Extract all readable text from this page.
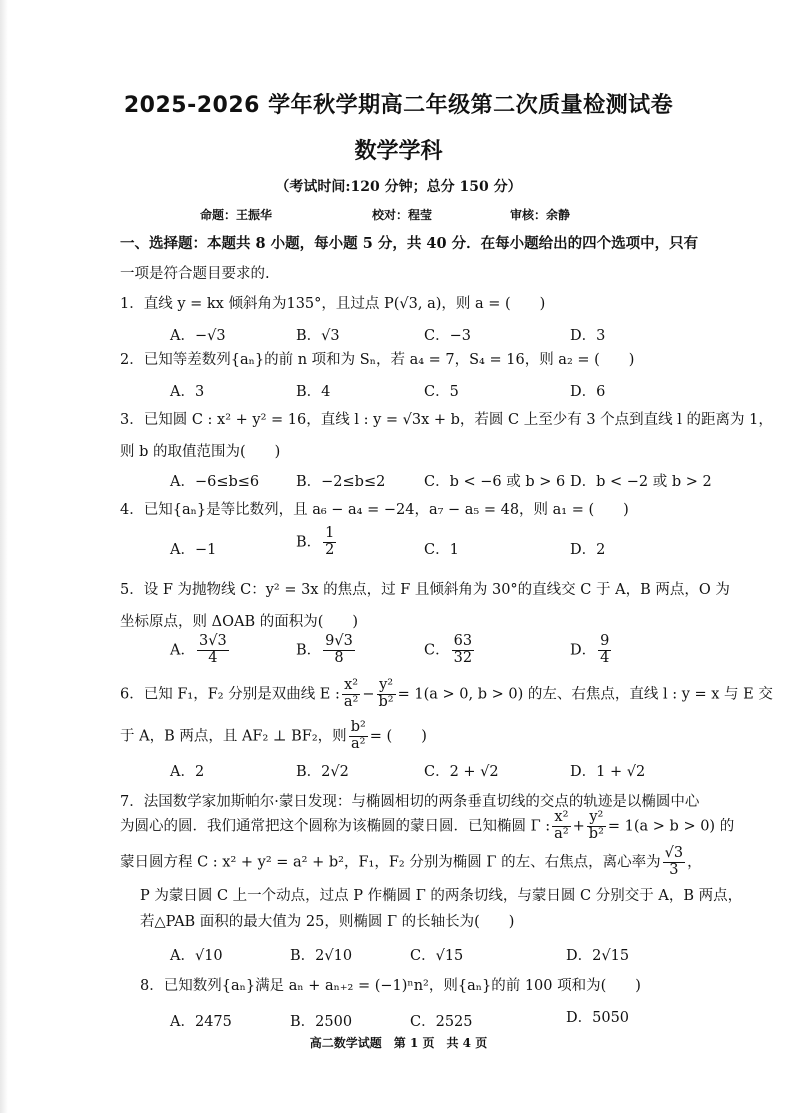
2025-2026 学年秋学期高二年级第二次质量检测试卷
数学学科
（考试时间:120 分钟；总分 150 分）
命题：王振华	校对：程莹	审核：余静
一、选择题：本题共 8 小题，每小题 5 分，共 40 分．在每小题给出的四个选项中，只有
一项是符合题目要求的.
1．直线 y = kx 倾斜角为135°，且过点 P(√3, a)，则 a = (　　)
A．−√3	B．√3	C．−3	D．3
2．已知等差数列{aₙ}的前 n 项和为 Sₙ，若 a₄ = 7，S₄ = 16，则 a₂ = (　　)
A．3	B．4	C．5	D．6
3．已知圆 C : x² + y² = 16，直线 l : y = √3x + b，若圆 C 上至少有 3 个点到直线 l 的距离为 1，
则 b 的取值范围为(　　)
A．−6≤b≤6	B．−2≤b≤2	C．b < −6 或 b > 6 D．b < −2 或 b > 2
4．已知{aₙ}是等比数列，且 a₆ − a₄ = −24，a₇ − a₅ = 48，则 a₁ = (　　)
A．−1	B． $\frac{1}{2}$	C．1	D．2
5．设 F 为抛物线 C：y² = 3x 的焦点，过 F 且倾斜角为 30°的直线交 C 于 A，B 两点，O 为
坐标原点，则 ΔOAB 的面积为(　　)
A． $\frac{3√3}{4}$	B． $\frac{9√3}{8}$	C． $\frac{63}{32}$	D． $\frac{9}{4}$
6．已知 F₁，F₂ 分别是双曲线 E : $\frac{\text{x²}}{\text{a²}} - \frac{\text{y²}}{\text{b²}} = 1(a > 0$, b > 0) 的左、右焦点，直线 l : y = x 与 E 交
于 A，B 两点，且 AF₂ ⊥ BF₂，则 $\frac{\text{b²}}{\text{a²}}$ = (　　)
A．2	B．2√2	C．2 + √2	D．1 + √2
7．法国数学家加斯帕尔·蒙日发现：与椭圆相切的两条垂直切线的交点的轨迹是以椭圆中心
为圆心的圆．我们通常把这个圆称为该椭圆的蒙日圆．已知椭圆 Γ : $\frac{\text{x²}}{\text{a²}} + \frac{\text{y²}}{\text{b²}} = 1(a > b > 0)$ 的
蒙日圆方程 C : x² + y² = a² + b²，F₁，F₂ 分别为椭圆 Γ 的左、右焦点，离心率为 $\frac{√3}{3}$ ，
P 为蒙日圆 C 上一个动点，过点 P 作椭圆 Γ 的两条切线，与蒙日圆 C 分别交于 A，B 两点，
若△PAB 面积的最大值为 25，则椭圆 Γ 的长轴长为(　　)
A．√10	B．2√10	C．√15	D．2√15
8．已知数列{aₙ}满足 aₙ + aₙ₊₂ = (−1)ⁿn²，则{aₙ}的前 100 项和为(　　)
A．2475	B．2500	C．2525	D．5050
高二数学试题　第 1 页　共 4 页
